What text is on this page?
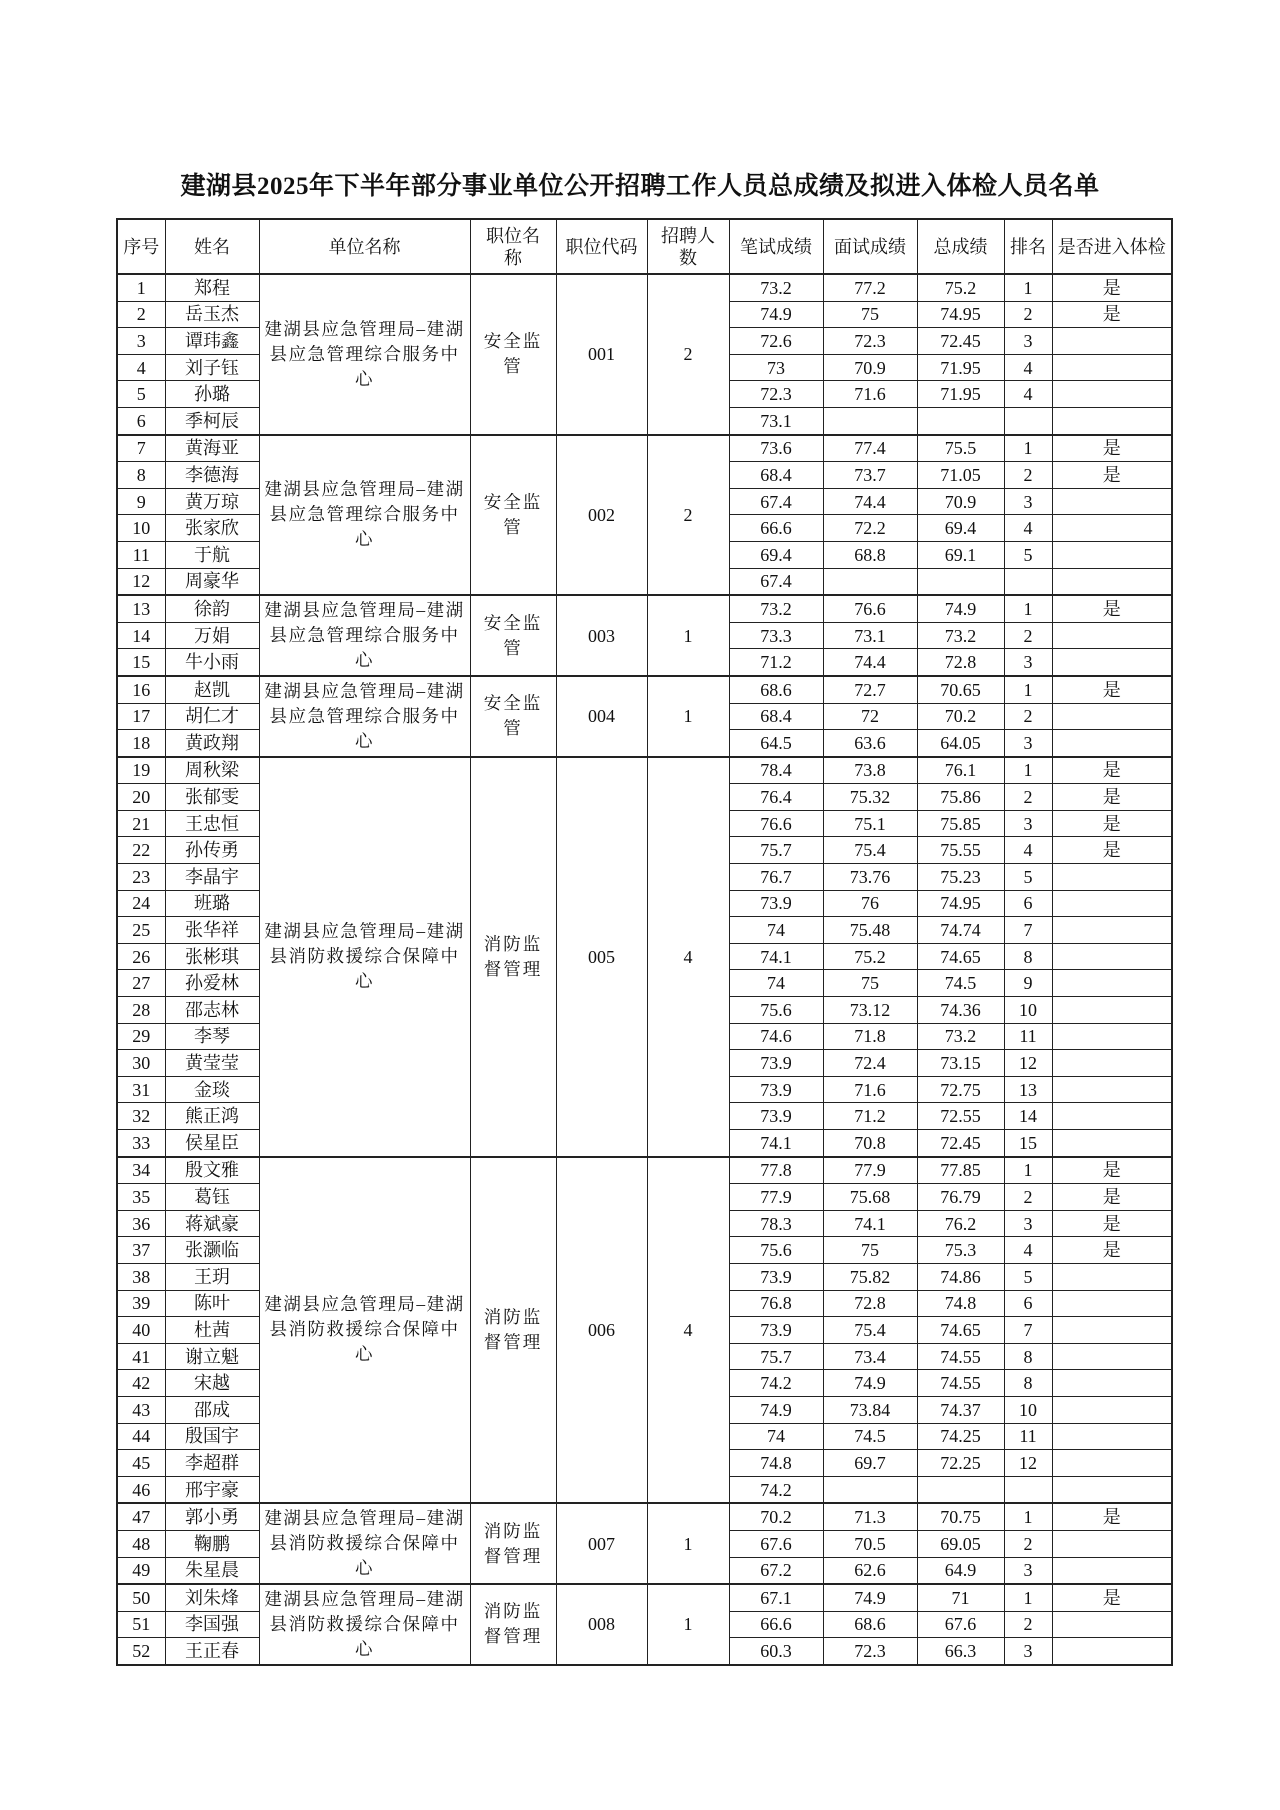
建湖县2025年下半年部分事业单位公开招聘工作人员总成绩及拟进入体检人员名单
序号	姓名	单位名称	职位名称	职位代码	招聘人数	笔试成绩	面试成绩	总成绩	排名	是否进入体检
1	郑程	建湖县应急管理局–建湖县应急管理综合服务中心	安全监管	001	2	73.2	77.2	75.2	1	是
2	岳玉杰					74.9	75	74.95	2	是
3	谭玮鑫					72.6	72.3	72.45	3	
4	刘子钰					73	70.9	71.95	4	
5	孙璐					72.3	71.6	71.95	4	
6	季柯辰					73.1				
7	黄海亚	建湖县应急管理局–建湖县应急管理综合服务中心	安全监管	002	2	73.6	77.4	75.5	1	是
8	李德海					68.4	73.7	71.05	2	是
9	黄万琼					67.4	74.4	70.9	3	
10	张家欣					66.6	72.2	69.4	4	
11	于航					69.4	68.8	69.1	5	
12	周豪华					67.4				
13	徐韵	建湖县应急管理局–建湖县应急管理综合服务中心	安全监管	003	1	73.2	76.6	74.9	1	是
14	万娟					73.3	73.1	73.2	2	
15	牛小雨					71.2	74.4	72.8	3	
16	赵凯	建湖县应急管理局–建湖县应急管理综合服务中心	安全监管	004	1	68.6	72.7	70.65	1	是
17	胡仁才					68.4	72	70.2	2	
18	黄政翔					64.5	63.6	64.05	3	
19	周秋梁	建湖县应急管理局–建湖县消防救援综合保障中心	消防监督管理	005	4	78.4	73.8	76.1	1	是
20	张郁雯					76.4	75.32	75.86	2	是
21	王忠恒					76.6	75.1	75.85	3	是
22	孙传勇					75.7	75.4	75.55	4	是
23	李晶宇					76.7	73.76	75.23	5	
24	班璐					73.9	76	74.95	6	
25	张华祥					74	75.48	74.74	7	
26	张彬琪					74.1	75.2	74.65	8	
27	孙爱林					74	75	74.5	9	
28	邵志林					75.6	73.12	74.36	10	
29	李琴					74.6	71.8	73.2	11	
30	黄莹莹					73.9	72.4	73.15	12	
31	金琰					73.9	71.6	72.75	13	
32	熊正鸿					73.9	71.2	72.55	14	
33	侯星臣					74.1	70.8	72.45	15	
34	殷文雅	建湖县应急管理局–建湖县消防救援综合保障中心	消防监督管理	006	4	77.8	77.9	77.85	1	是
35	葛钰					77.9	75.68	76.79	2	是
36	蒋斌豪					78.3	74.1	76.2	3	是
37	张灏临					75.6	75	75.3	4	是
38	王玥					73.9	75.82	74.86	5	
39	陈叶					76.8	72.8	74.8	6	
40	杜茜					73.9	75.4	74.65	7	
41	谢立魁					75.7	73.4	74.55	8	
42	宋越					74.2	74.9	74.55	8	
43	邵成					74.9	73.84	74.37	10	
44	殷国宇					74	74.5	74.25	11	
45	李超群					74.8	69.7	72.25	12	
46	邢宇豪					74.2				
47	郭小勇	建湖县应急管理局–建湖县消防救援综合保障中心	消防监督管理	007	1	70.2	71.3	70.75	1	是
48	鞠鹏					67.6	70.5	69.05	2	
49	朱星晨					67.2	62.6	64.9	3	
50	刘朱烽	建湖县应急管理局–建湖县消防救援综合保障中心	消防监督管理	008	1	67.1	74.9	71	1	是
51	李国强					66.6	68.6	67.6	2	
52	王正春					60.3	72.3	66.3	3	
